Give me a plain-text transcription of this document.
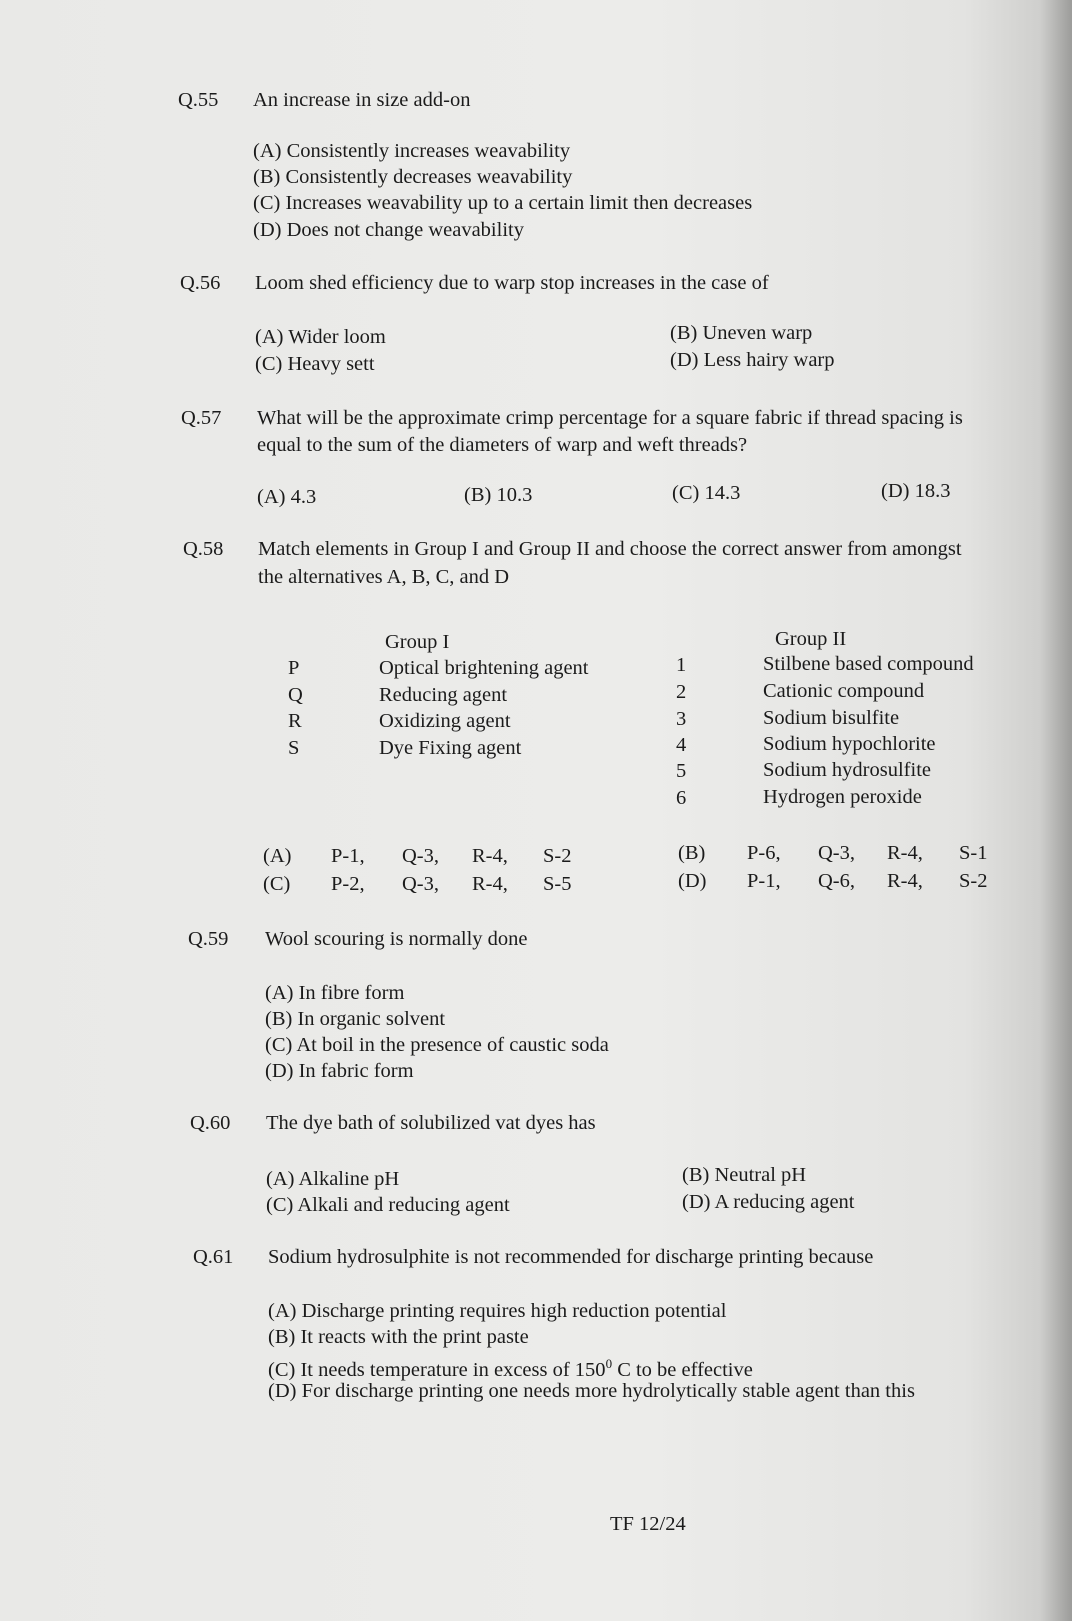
Q.55 An increase in size add-on
(A) Consistently increases weavability
(B) Consistently decreases weavability
(C) Increases weavability up to a certain limit then decreases
(D) Does not change weavability
Q.56 Loom shed efficiency due to warp stop increases in the case of
(A) Wider loom	(B) Uneven warp
(C) Heavy sett	(D) Less hairy warp
Q.57 What will be the approximate crimp percentage for a square fabric if thread spacing is
equal to the sum of the diameters of warp and weft threads?
(A) 4.3	(B) 10.3	(C) 14.3	(D) 18.3
Q.58 Match elements in Group I and Group II and choose the correct answer from amongst
the alternatives A, B, C, and D
Group I	Group II
P	Optical brightening agent
Q	Reducing agent
R	Oxidizing agent
S	Dye Fixing agent
1	Stilbene based compound
2	Cationic compound
3	Sodium bisulfite
4	Sodium hypochlorite
5	Sodium hydrosulfite
6	Hydrogen peroxide
(A) P-1, Q-3, R-4, S-2	(B) P-6, Q-3, R-4, S-1
(C) P-2, Q-3, R-4, S-5	(D) P-1, Q-6, R-4, S-2
Q.59 Wool scouring is normally done
(A) In fibre form
(B) In organic solvent
(C) At boil in the presence of caustic soda
(D) In fabric form
Q.60 The dye bath of solubilized vat dyes has
(A) Alkaline pH	(B) Neutral pH
(C) Alkali and reducing agent	(D) A reducing agent
Q.61 Sodium hydrosulphite is not recommended for discharge printing because
(A) Discharge printing requires high reduction potential
(B) It reacts with the print paste
(C) It needs temperature in excess of $150^0$ C to be effective
(D) For discharge printing one needs more hydrolytically stable agent than this
TF 12/24
